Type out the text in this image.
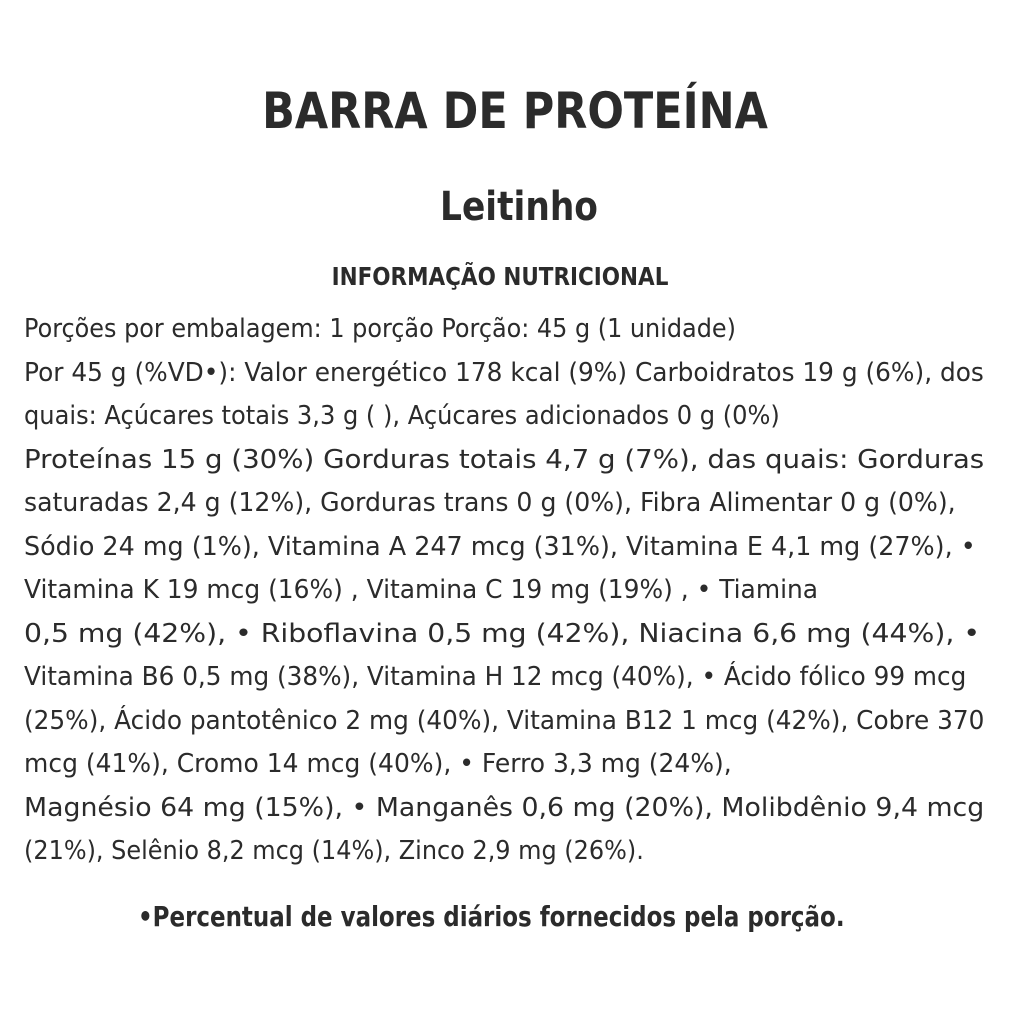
BARRA DE PROTEÍNA
Leitinho
INFORMAÇÃO NUTRICIONAL
Porções por embalagem: 1 porção Porção: 45 g (1 unidade)
Por 45 g (%VD•): Valor energético 178 kcal (9%) Carboidratos 19 g (6%), dos
quais: Açúcares totais 3,3 g ( ), Açúcares adicionados 0 g (0%)
Proteínas 15 g (30%) Gorduras totais 4,7 g (7%), das quais: Gorduras
saturadas 2,4 g (12%), Gorduras trans 0 g (0%), Fibra Alimentar 0 g (0%),
Sódio 24 mg (1%), Vitamina A 247 mcg (31%), Vitamina E 4,1 mg (27%), •
Vitamina K 19 mcg (16%) , Vitamina C 19 mg (19%) , • Tiamina
0,5 mg (42%), • Riboflavina 0,5 mg (42%), Niacina 6,6 mg (44%), •
Vitamina B6 0,5 mg (38%), Vitamina H 12 mcg (40%), • Ácido fólico 99 mcg
(25%), Ácido pantotênico 2 mg (40%), Vitamina B12 1 mcg (42%), Cobre 370
mcg (41%), Cromo 14 mcg (40%), • Ferro 3,3 mg (24%),
Magnésio 64 mg (15%), • Manganês 0,6 mg (20%), Molibdênio 9,4 mcg
(21%), Selênio 8,2 mcg (14%), Zinco 2,9 mg (26%).
•Percentual de valores diários fornecidos pela porção.
